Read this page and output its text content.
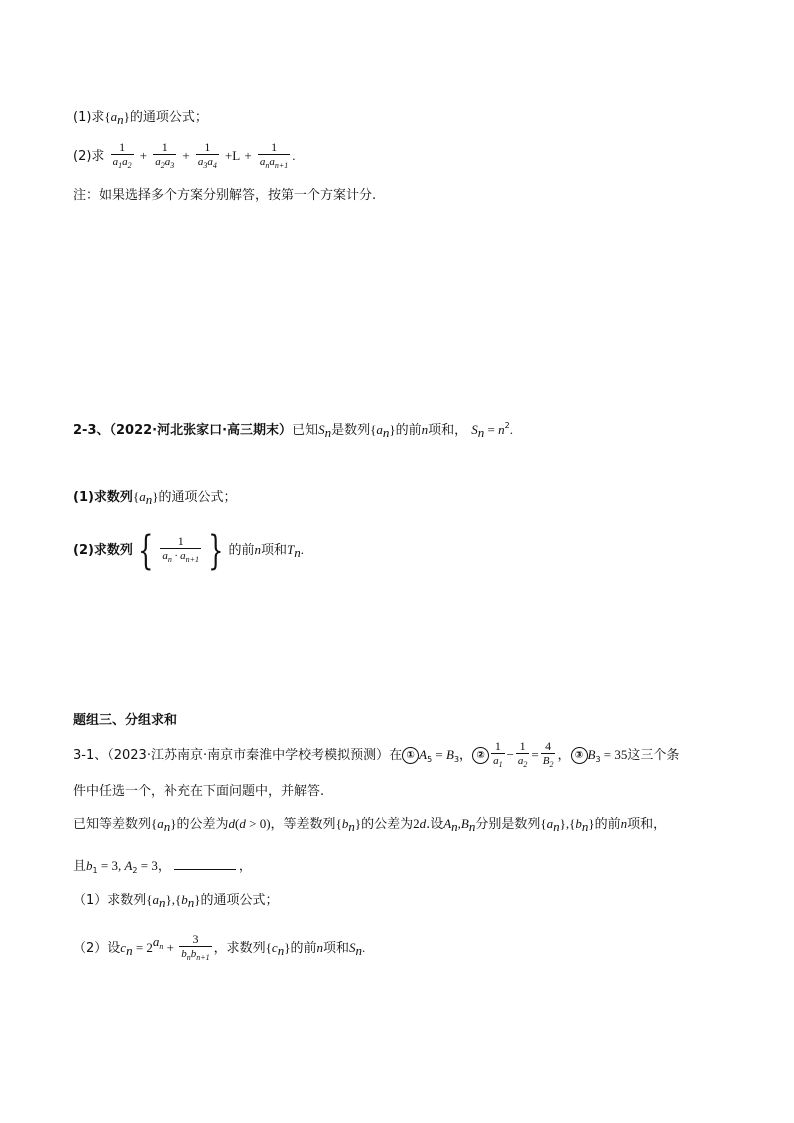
(1)求$\{a_n\}$的通项公式；
(2)求 $\frac{1}{a_1a_2} + \frac{1}{a_2a_3} + \frac{1}{a_3a_4} +L + \frac{1}{a_na_{n+1}}$ .
注：如果选择多个方案分别解答，按第一个方案计分.
2-3、（2022·河北张家口·高三期末）已知$S_n$是数列$\{a_n\}$的前n项和， $S_n = n^2$.
(1)求数列$\{a_n\}$的通项公式；
(2)求数列 { $\frac{1}{a_n \cdot a_{n+1}}$ } 的前n项和$T_n$.
题组三、分组求和
3-1、（2023·江苏南京·南京市秦淮中学校考模拟预测）在 ① $A_5 = B_3$， ② $\frac{1}{a_1} - \frac{1}{a_2} = \frac{4}{B_2}$ ， ③ $B_3 = 35$这三个条
件中任选一个，补充在下面问题中，并解答.
已知等差数列$\{a_n\}$的公差为d(d > 0)，等差数列$\{b_n\}$的公差为2d.设$A_n,B_n$分别是数列$\{a_n\},\{b_n\}$的前n项和，
且$b_1 = 3$, $A_2 = 3$，	，
（1）求数列$\{a_n\},\{b_n\}$的通项公式；
（2）设$c_n = 2^{a_n} + \frac{3}{b_nb_{n+1}}$ ，求数列$\{c_n\}$的前n项和$S_n$.
